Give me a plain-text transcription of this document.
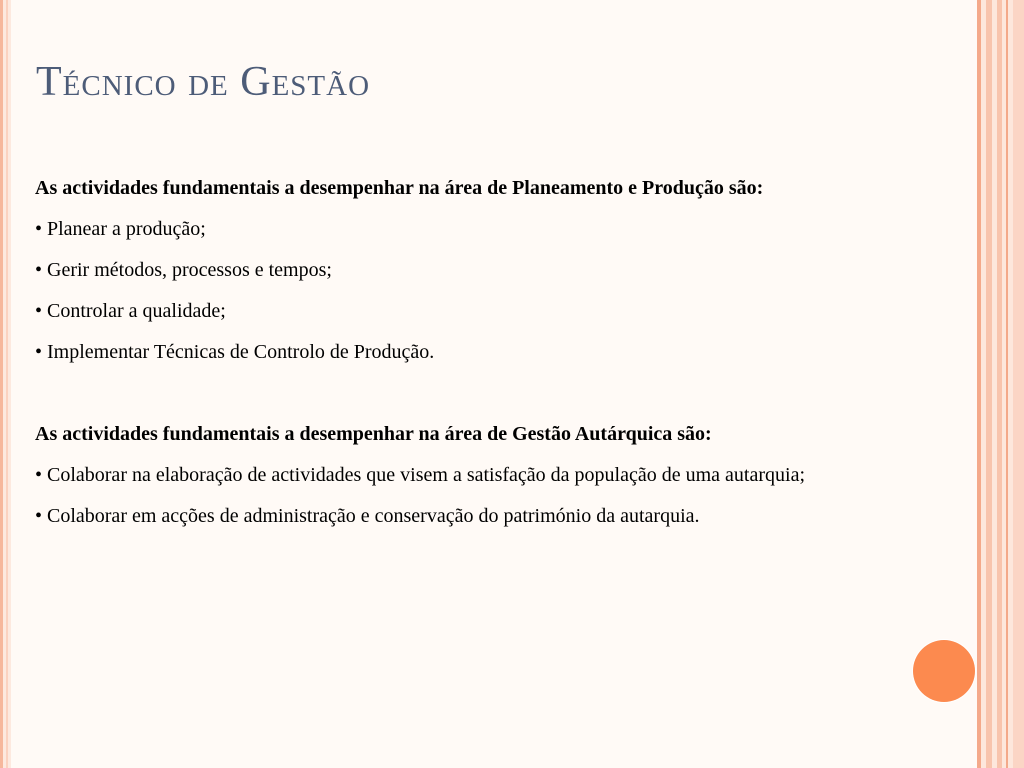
Técnico de Gestão

As actividades fundamentais a desempenhar na área de Planeamento e Produção são:

• Planear a produção;

• Gerir métodos, processos e tempos;

• Controlar a qualidade;

• Implementar Técnicas de Controlo de Produção.

As actividades fundamentais a desempenhar na área de Gestão Autárquica são:

• Colaborar na elaboração de actividades que visem a satisfação da população de uma autarquia;

• Colaborar em acções de administração e conservação do património da autarquia.
